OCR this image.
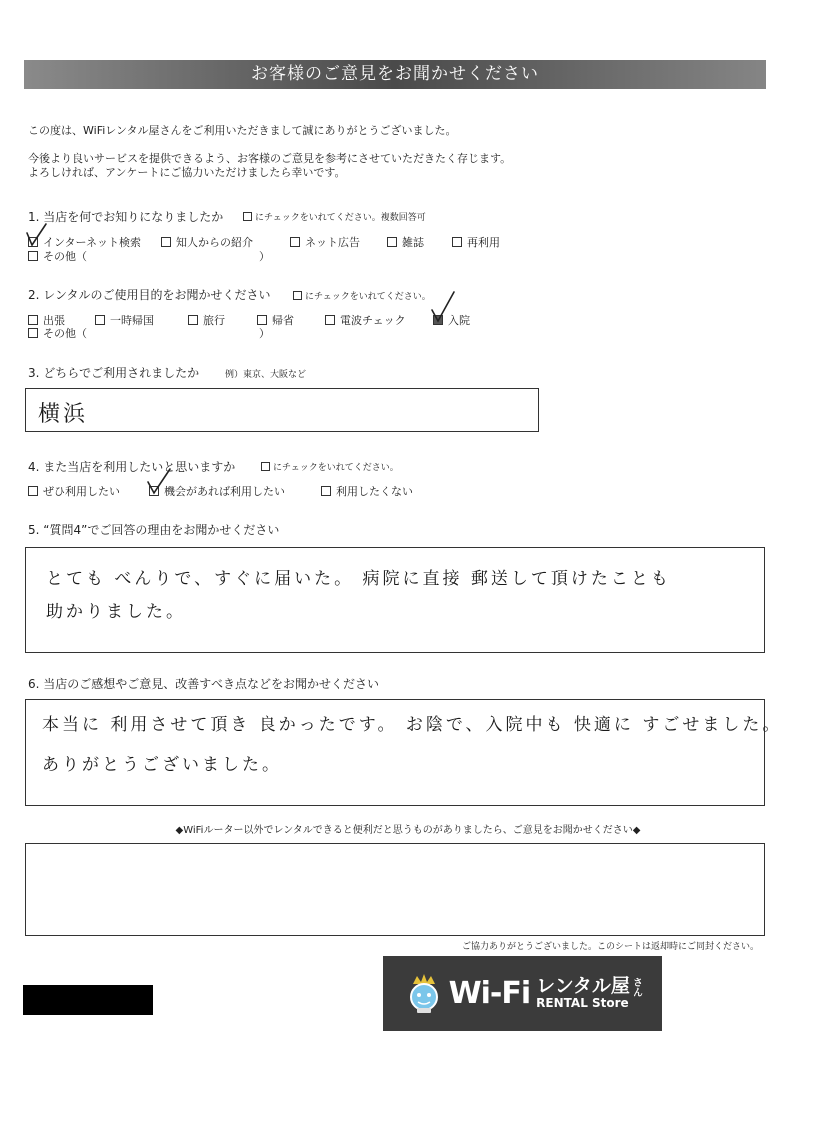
お客様のご意見をお聞かせください
この度は、WiFiレンタル屋さんをご利用いただきまして誠にありがとうございました。
今後より良いサービスを提供できるよう、お客様のご意見を参考にさせていただきたく存じます。
よろしければ、アンケートにご協力いただけましたら幸いです。
1. 当店を何でお知りになりましたか	にチェックをいれてください。複数回答可
インターネット検索	知人からの紹介	ネット広告	雑誌	再利用
その他（	）
2. レンタルのご使用目的をお聞かせください	にチェックをいれてください。
出張	一時帰国	旅行	帰省	電波チェック	入院
その他（	）
3. どちらでご利用されましたか	例）東京、大阪など
横浜
4. また当店を利用したいと思いますか	にチェックをいれてください。
ぜひ利用したい	機会があれば利用したい	利用したくない
5. “質問4”でご回答の理由をお聞かせください
とても べんりで、すぐに届いた。 病院に直接 郵送して頂けたことも
助かりました。
6. 当店のご感想やご意見、改善すべき点などをお聞かせください
本当に 利用させて頂き 良かったです。 お陰で、入院中も 快適に すごせました。
ありがとうございました。
◆WiFiルーター以外でレンタルできると便利だと思うものがありましたら、ご意見をお聞かせください◆
ご協力ありがとうございました。このシートは返却時にご同封ください。
Wi-Fi レンタル屋さん
RENTAL Store
